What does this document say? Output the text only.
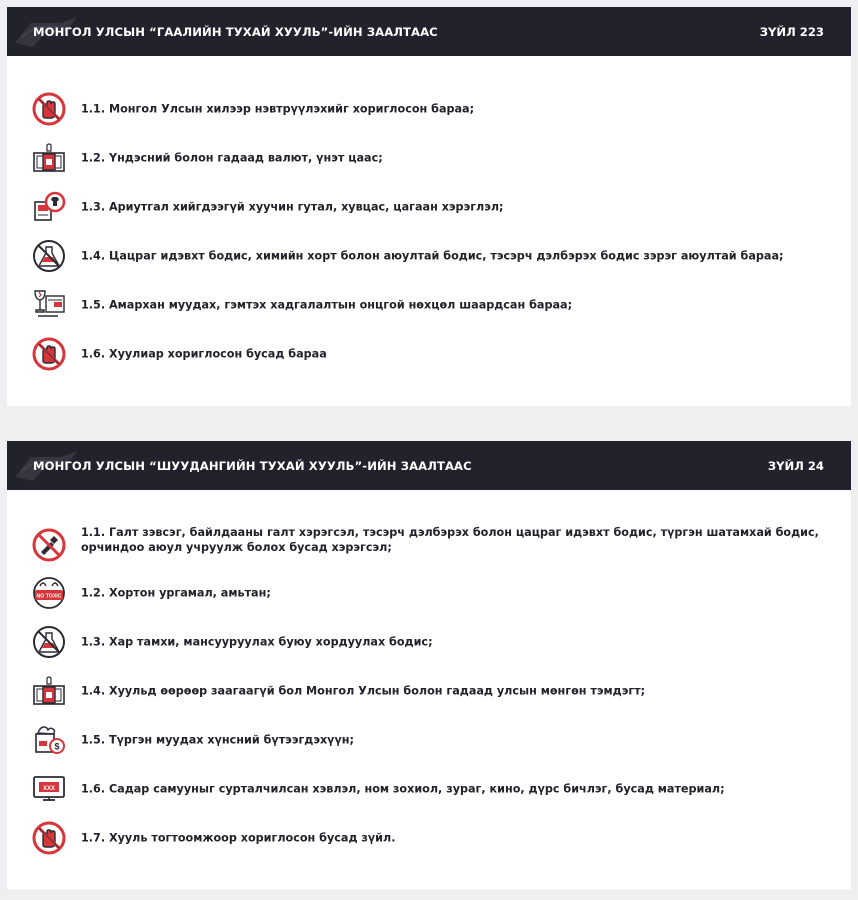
МОНГОЛ УЛСЫН “ГААЛИЙН ТУХАЙ ХУУЛЬ”-ИЙН ЗААЛТААС	ЗҮЙЛ 223
1.1. Монгол Улсын хилээр нэвтрүүлэхийг хориглосон бараа;
1.2. Үндэсний болон гадаад валют, үнэт цаас;
1.3. Ариутгал хийгдээгүй хуучин гутал, хувцас, цагаан хэрэглэл;
1.4. Цацраг идэвхт бодис, химийн хорт болон аюултай бодис, тэсэрч дэлбэрэх бодис зэрэг аюултай бараа;
1.5. Амархан муудах, гэмтэх хадгалалтын онцгой нөхцөл шаардсан бараа;
1.6. Хуулиар хориглосон бусад бараа
МОНГОЛ УЛСЫН “ШУУДАНГИЙН ТУХАЙ ХУУЛЬ”-ИЙН ЗААЛТААС	ЗҮЙЛ 24
1.1. Галт зэвсэг, байлдааны галт хэрэгсэл, тэсэрч дэлбэрэх болон цацраг идэвхт бодис, түргэн шатамхай бодис, орчиндоо аюул учруулж болох бусад хэрэгсэл;
NO TOXIC 1.2. Хортон ургамал, амьтан;
1.3. Хар тамхи, мансууруулах буюу хордуулах бодис;
1.4. Хуульд өөрөөр заагаагүй бол Монгол Улсын болон гадаад улсын мөнгөн тэмдэгт;
$ 1.5. Түргэн муудах хүнсний бүтээгдэхүүн;
XXX 1.6. Садар самууныг сурталчилсан хэвлэл, ном зохиол, зураг, кино, дүрс бичлэг, бусад материал;
1.7. Хууль тогтоомжоор хориглосон бусад зүйл.
